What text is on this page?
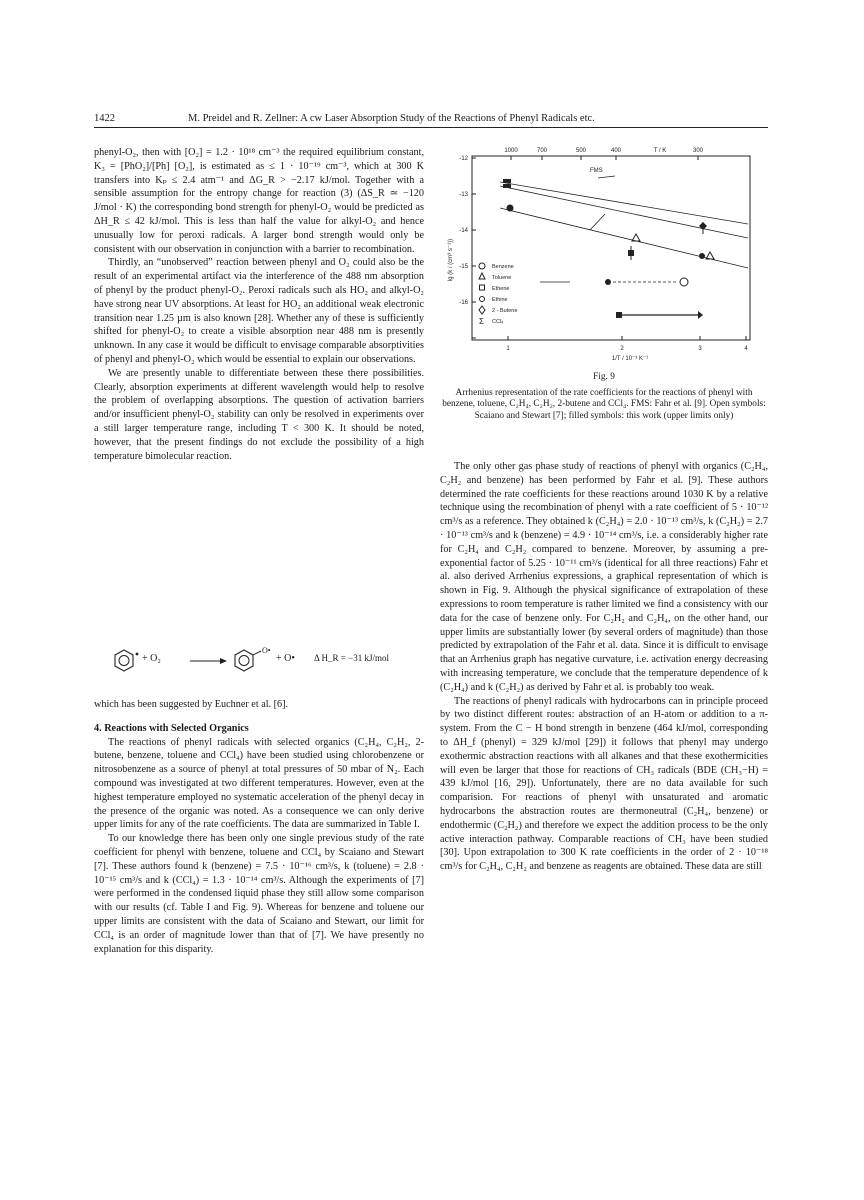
1422	M. Preidel and R. Zellner: A cw Laser Absorption Study of the Reactions of Phenyl Radicals etc.

phenyl-O₂, then with [O₂] = 1.2 · 10¹⁸ cm⁻³ the required equilibrium constant, K₃ = [PhO₂]/[Ph] [O₂], is estimated as ≤ 1 · 10⁻¹⁹ cm⁻³, which at 300 K transfers into Kₚ ≤ 2.4 atm⁻¹ and ΔG_R > −2.17 kJ/mol. Together with a sensible assumption for the entropy change for reaction (3) (ΔS_R ≃ −120 J/mol · K) the corresponding bond strength for phenyl-O₂ would be predicted as ΔH_R ≤ 42 kJ/mol. This is less than half the value for alkyl-O₂ and hence unusually low for peroxi radicals. A larger bond strength would only be consistent with our observation in conjunction with a barrier to recombination.

Thirdly, an “unobserved” reaction between phenyl and O₂ could also be the result of an experimental artifact via the interference of the 488 nm absorption of phenyl by the product phenyl-O₂. Peroxi radicals such als HO₂ and alkyl-O₂ have strong near UV absorptions. At least for HO₂ an additional weak electronic transition near 1.25 µm is also known [28]. Whether any of these is sufficiently shifted for phenyl-O₂ to create a visible absorption near 488 nm is presently unknown. In any case it would be difficult to envisage comparable absorptivities of phenyl and phenyl-O₂ which would be essential to explain our observations.

We are presently unable to differentiate between these there possibilities. Clearly, absorption experiments at different wavelength would help to resolve the problem of overlapping absorptions. The question of activation barriers and/or insufficient phenyl-O₂ stability can only be resolved in experiments over a still larger temperature range, including T < 300 K. It should be noted, however, that the present findings do not exclude the possibility of a high temperature bimolecular reaction.

+ O₂
O•
+ O• Δ H_R = −31 kJ/mol

which has been suggested by Euchner et al. [6].

4. Reactions with Selected Organics

The reactions of phenyl radicals with selected organics (C₂H₄, C₂H₂, 2-butene, benzene, toluene and CCl₄) have been studied using chlorobenzene or nitrosobenzene as a source of phenyl at total pressures of 50 mbar of N₂. Each compound was investigated at two different temperatures. However, even at the highest temperature employed no systematic acceleration of the phenyl decay in the presence of the organic was noted. As a consequence we can only derive upper limits for any of the rate coefficients. The data are summarized in Table I.

To our knowledge there has been only one single previous study of the rate coefficient for phenyl with benzene, toluene and CCl₄ by Scaiano and Stewart [7]. These authors found k (benzene) = 7.5 · 10⁻¹⁶ cm³/s, k (toluene) = 2.8 · 10⁻¹⁵ cm³/s and k (CCl₄) = 1.3 · 10⁻¹⁴ cm³/s. Although the experiments of [7] were performed in the condensed liquid phase they still allow some comparison with our results (cf. Table I and Fig. 9). Whereas for benzene and toluene our upper limits are consistent with the data of Scaiano and Stewart, our limit for CCl₄ is an order of magnitude lower than that of [7]. We have presently no explanation for this disparity.

1000	700	500	400	T / K	300
-12
-13
-14
-15
-16
lg (k / (cm³ s⁻¹))
1	2	3	4
1/T / 10⁻³ K⁻¹
FMS
Benzene
Toluene
Ethene
Ethine
2 - Butene
Σ CCl₄
Fig. 9
Arrhenius representation of the rate coefficients for the reactions of phenyl with benzene, toluene, C₂H₄, C₂H₂, 2-butene and CCl₄. FMS: Fahr et al. [9]. Open symbols: Scaiano and Stewart [7]; filled symbols: this work (upper limits only)

The only other gas phase study of reactions of phenyl with organics (C₂H₄, C₂H₂ and benzene) has been performed by Fahr et al. [9]. These authors determined the rate coefficients for these reactions around 1030 K by a relative technique using the recombination of phenyl with a rate coefficient of 5 · 10⁻¹² cm³/s as a reference. They obtained k (C₂H₄) = 2.0 · 10⁻¹³ cm³/s, k (C₂H₂) = 2.7 · 10⁻¹³ cm³/s and k (benzene) = 4.9 · 10⁻¹⁴ cm³/s, i.e. a considerably higher rate for C₂H₄ and C₂H₂ compared to benzene. Moreover, by assuming a pre-exponential factor of 5.25 · 10⁻¹¹ cm³/s (identical for all three reactions) Fahr et al. also derived Arrhenius expressions, a graphical representation of which is shown in Fig. 9. Although the physical significance of extrapolation of these expressions to room temperature is rather limited we find a consistency with our data for the case of benzene only. For C₂H₂ and C₂H₄, on the other hand, our upper limits are substantially lower (by several orders of magnitude) than those predicted by extrapolation of the Fahr et al. data. Since it is difficult to envisage that an Arrhenius graph has negative curvature, i.e. activation energy decreasing with increasing temperature, we conclude that the temperature dependence of k (C₂H₄) and k (C₂H₂) as derived by Fahr et al. is probably too weak.

The reactions of phenyl radicals with hydrocarbons can in principle proceed by two distinct different routes: abstraction of an H-atom or addition to a π-system. From the C − H bond strength in benzene (464 kJ/mol, corresponding to ΔH_f (phenyl) = 329 kJ/mol [29]) it follows that phenyl may undergo exothermic abstraction reactions with all alkanes and that these exothermicities will even be larger that those for reactions of CH₃ radicals (BDE (CH₃−H) = 439 kJ/mol [16, 29]). Unfortunately, there are no data available for such comparision. For reactions of phenyl with unsaturated and aromatic hydrocarbons the abstraction routes are thermoneutral (C₂H₄, benzene) or endothermic (C₂H₂) and therefore we expect the addition process to be the only active interaction pathway. Comparable reactions of CH₃ have been studied [30]. Upon extrapolation to 300 K rate coefficients in the order of 2 · 10⁻¹⁸ cm³/s for C₂H₄, C₂H₂ and benzene as reagents are obtained. These data are still
